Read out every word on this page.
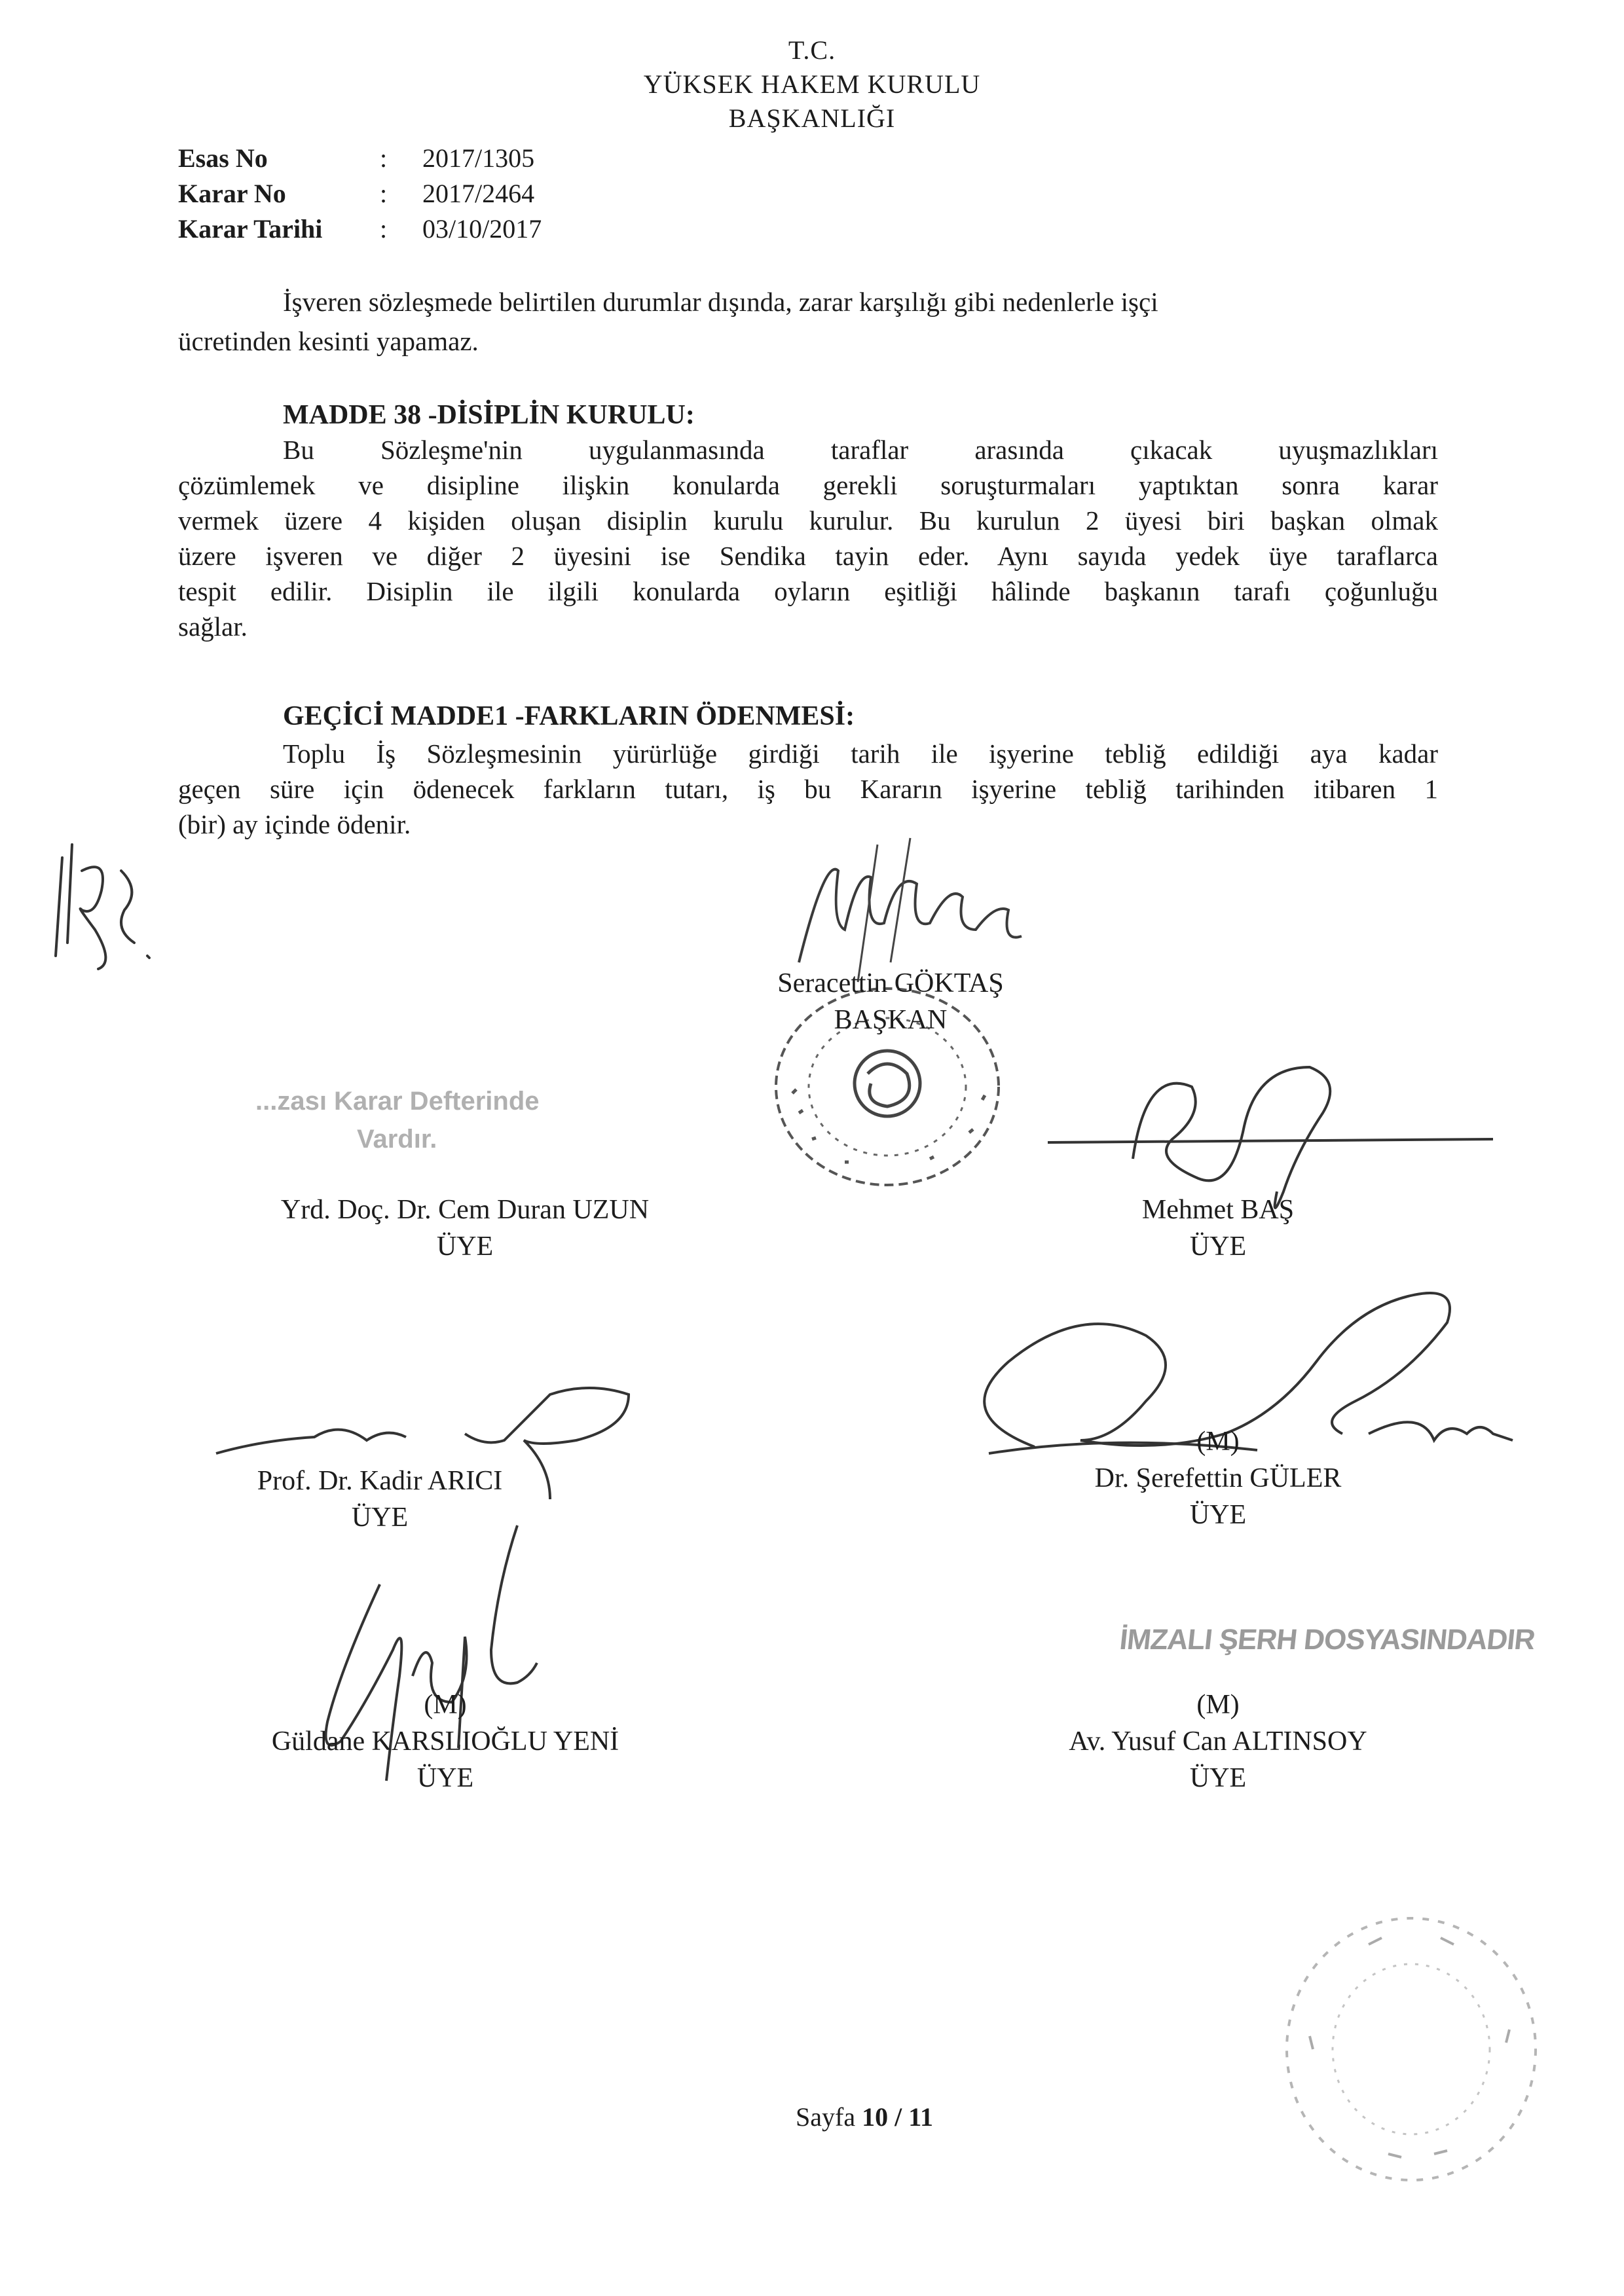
T.C.
YÜKSEK HAKEM KURULU
BAŞKANLIĞI
Esas No	: 2017/1305
Karar No	: 2017/2464
Karar Tarihi : 03/10/2017
İşveren sözleşmede belirtilen durumlar dışında, zarar karşılığı gibi nedenlerle işçi
ücretinden kesinti yapamaz.
MADDE 38 -DİSİPLİN KURULU:
Bu Sözleşme'nin uygulanmasında taraflar arasında çıkacak uyuşmazlıkları
çözümlemek ve disipline ilişkin konularda gerekli soruşturmaları yaptıktan sonra karar
vermek üzere 4 kişiden oluşan disiplin kurulu kurulur. Bu kurulun 2 üyesi biri başkan olmak
üzere işveren ve diğer 2 üyesini ise Sendika tayin eder. Aynı sayıda yedek üye taraflarca
tespit edilir. Disiplin ile ilgili konularda oyların eşitliği hâlinde başkanın tarafı çoğunluğu
sağlar.
GEÇİCİ MADDE1 -FARKLARIN ÖDENMESİ:
Toplu İş Sözleşmesinin yürürlüğe girdiği tarih ile işyerine tebliğ edildiği aya kadar
geçen süre için ödenecek farkların tutarı, iş bu Kararın işyerine tebliğ tarihinden itibaren 1
(bir) ay içinde ödenir.
Seracettin GÖKTAŞ
BAŞKAN
...zası Karar Defterinde
Vardır.
Yrd. Doç. Dr. Cem Duran UZUN
ÜYE
Mehmet BAŞ
ÜYE
Prof. Dr. Kadir ARICI
ÜYE
(M)
Dr. Şerefettin GÜLER
ÜYE
İMZALI ŞERH DOSYASINDADIR
(M)
Güldane KARSLIOĞLU YENİ
ÜYE
(M)
Av. Yusuf Can ALTINSOY
ÜYE
Sayfa 10 / 11
